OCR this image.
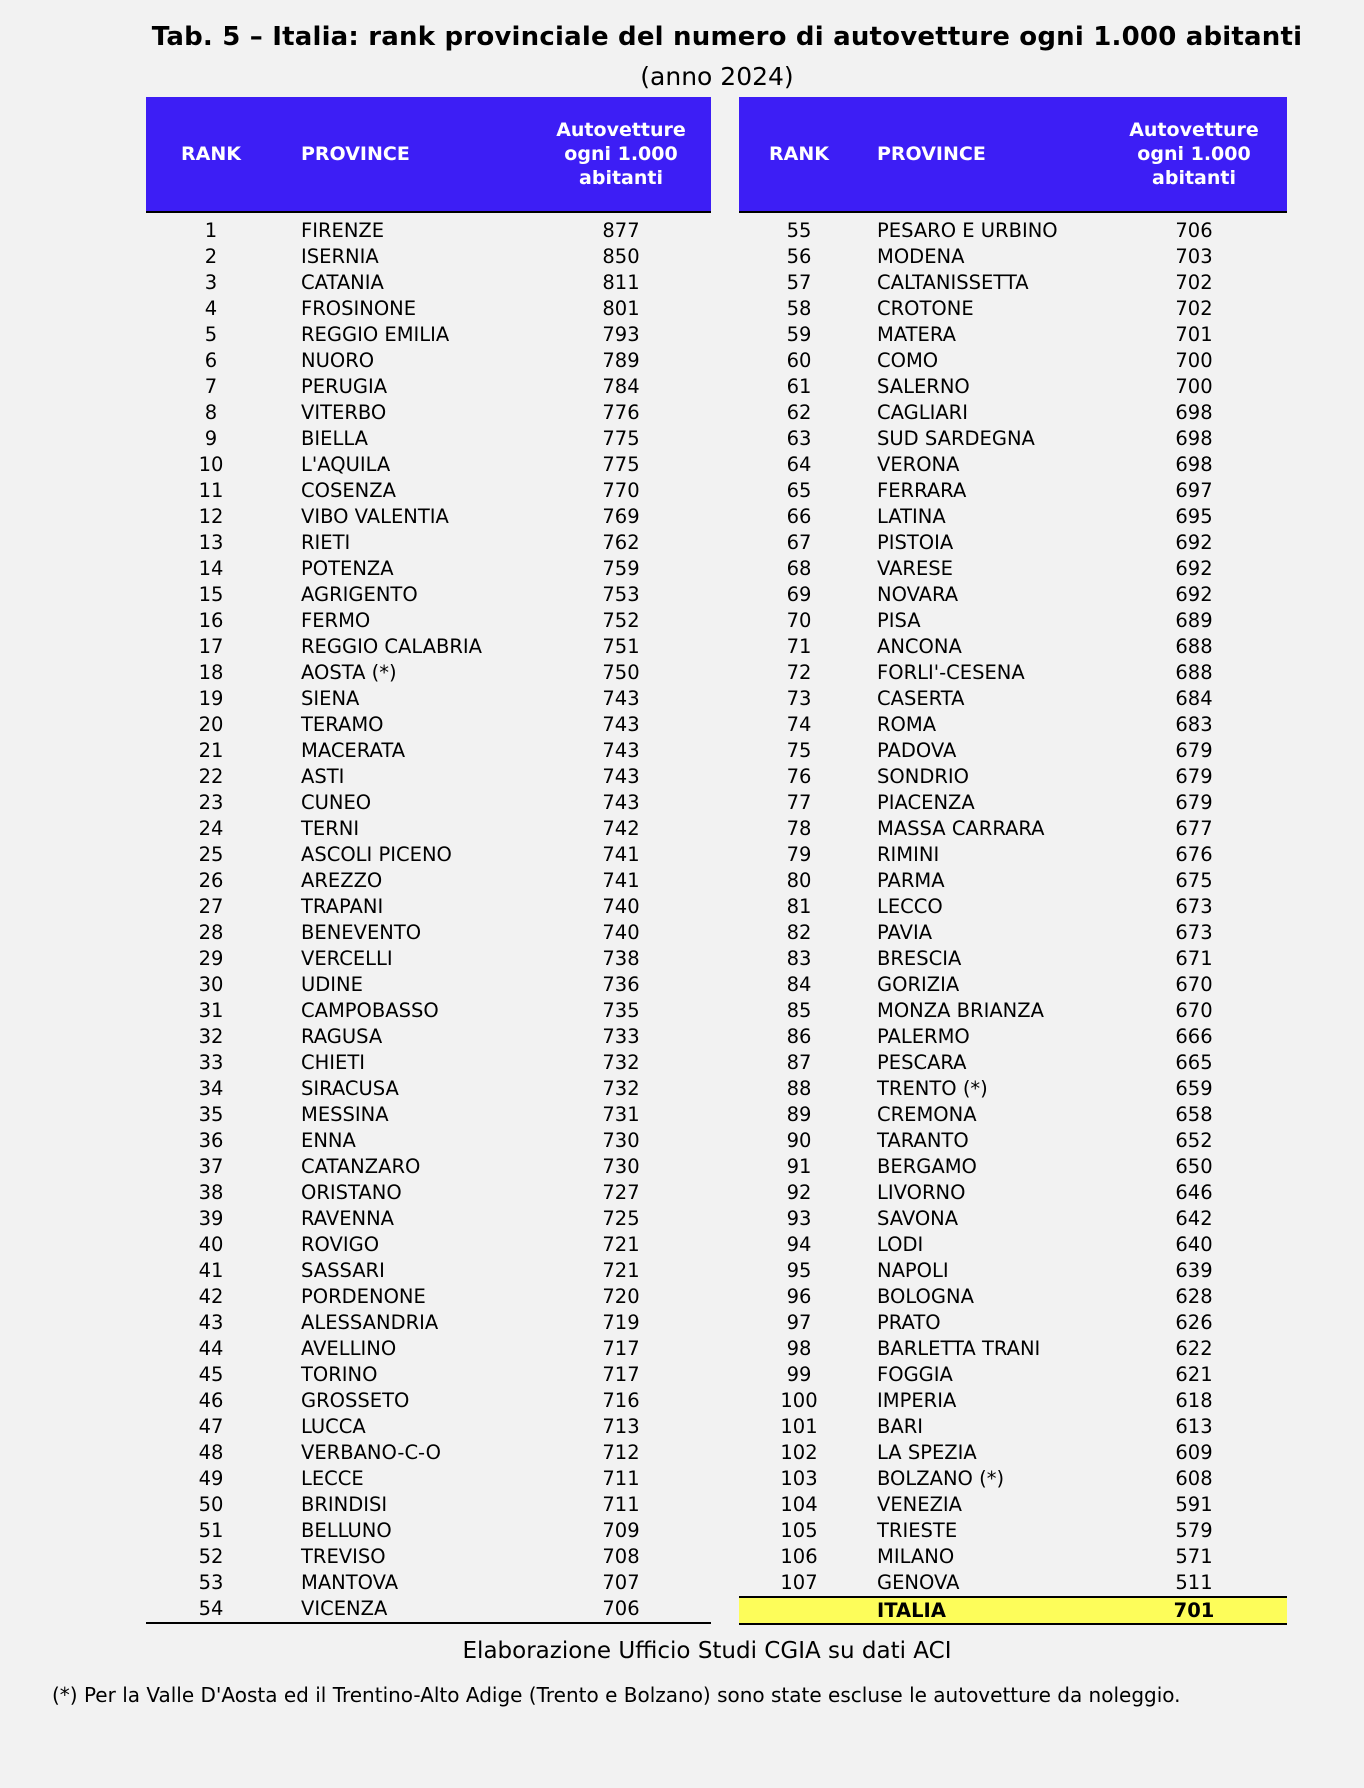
Tab. 5 – Italia: rank provinciale del numero di autovetture ogni 1.000 abitanti
(anno 2024)
RANK	PROVINCE
Autovetture
ogni 1.000
abitanti
1	FIRENZE	877
2	ISERNIA	850
3	CATANIA	811
4	FROSINONE	801
5	REGGIO EMILIA	793
6	NUORO	789
7	PERUGIA	784
8	VITERBO	776
9	BIELLA	775
10	L'AQUILA	775
11	COSENZA	770
12	VIBO VALENTIA	769
13	RIETI	762
14	POTENZA	759
15	AGRIGENTO	753
16	FERMO	752
17	REGGIO CALABRIA	751
18	AOSTA (*)	750
19	SIENA	743
20	TERAMO	743
21	MACERATA	743
22	ASTI	743
23	CUNEO	743
24	TERNI	742
25	ASCOLI PICENO	741
26	AREZZO	741
27	TRAPANI	740
28	BENEVENTO	740
29	VERCELLI	738
30	UDINE	736
31	CAMPOBASSO	735
32	RAGUSA	733
33	CHIETI	732
34	SIRACUSA	732
35	MESSINA	731
36	ENNA	730
37	CATANZARO	730
38	ORISTANO	727
39	RAVENNA	725
40	ROVIGO	721
41	SASSARI	721
42	PORDENONE	720
43	ALESSANDRIA	719
44	AVELLINO	717
45	TORINO	717
46	GROSSETO	716
47	LUCCA	713
48	VERBANO-C-O	712
49	LECCE	711
50	BRINDISI	711
51	BELLUNO	709
52	TREVISO	708
53	MANTOVA	707
54	VICENZA	706
RANK	PROVINCE
Autovetture
ogni 1.000
abitanti
55	PESARO E URBINO	706
56	MODENA	703
57	CALTANISSETTA	702
58	CROTONE	702
59	MATERA	701
60	COMO	700
61	SALERNO	700
62	CAGLIARI	698
63	SUD SARDEGNA	698
64	VERONA	698
65	FERRARA	697
66	LATINA	695
67	PISTOIA	692
68	VARESE	692
69	NOVARA	692
70	PISA	689
71	ANCONA	688
72	FORLI'-CESENA	688
73	CASERTA	684
74	ROMA	683
75	PADOVA	679
76	SONDRIO	679
77	PIACENZA	679
78	MASSA CARRARA	677
79	RIMINI	676
80	PARMA	675
81	LECCO	673
82	PAVIA	673
83	BRESCIA	671
84	GORIZIA	670
85	MONZA BRIANZA	670
86	PALERMO	666
87	PESCARA	665
88	TRENTO (*)	659
89	CREMONA	658
90	TARANTO	652
91	BERGAMO	650
92	LIVORNO	646
93	SAVONA	642
94	LODI	640
95	NAPOLI	639
96	BOLOGNA	628
97	PRATO	626
98	BARLETTA TRANI	622
99	FOGGIA	621
100	IMPERIA	618
101	BARI	613
102	LA SPEZIA	609
103	BOLZANO (*)	608
104	VENEZIA	591
105	TRIESTE	579
106	MILANO	571
107	GENOVA	511
ITALIA	701
Elaborazione Ufficio Studi CGIA su dati ACI
(*) Per la Valle D'Aosta ed il Trentino-Alto Adige (Trento e Bolzano) sono state escluse le autovetture da noleggio.
